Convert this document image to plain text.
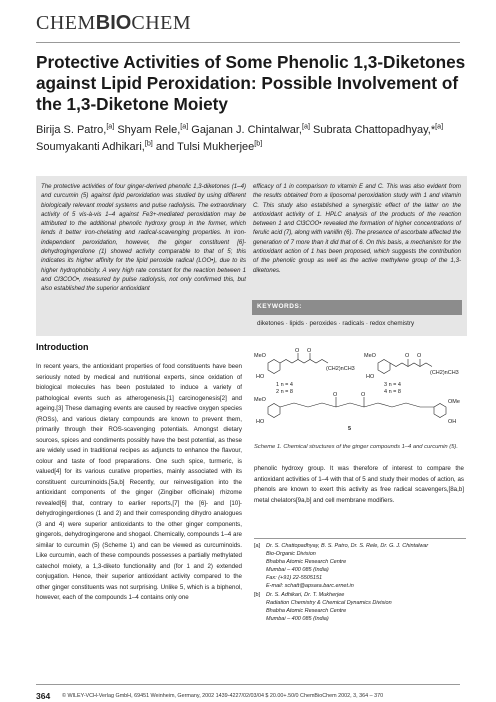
CHEMBIOCHEM
Protective Activities of Some Phenolic 1,3-Diketones against Lipid Peroxidation: Possible Involvement of the 1,3-Diketone Moiety
Birija S. Patro,[a] Shyam Rele,[a] Gajanan J. Chintalwar,[a] Subrata Chattopadhyay,*[a]
Soumyakanti Adhikari,[b] and Tulsi Mukherjee[b]
The protective activities of four ginger-derived phenolic 1,3-diketones (1–4) and curcumin (5) against lipid peroxidation was studied by using different biologically relevant model systems and pulse radiolysis. The extraordinary activity of 5 vis-à-vis 1–4 against Fe3+-mediated peroxidation may be attributed to the additional phenolic hydroxy group in the former, which lends it better iron-chelating and radical-scavenging properties. In iron-independent peroxidation, however, the ginger constituent [6]-dehydrogingerdione (1) showed activity comparable to that of 5; this indicates its higher affinity for the lipid peroxide radical (LOO•), due to its higher hydrophobicity. A very high rate constant for the reaction between 1 and Cl3COO•, measured by pulse radiolysis, not only confirmed this, but also established the superior antioxidant
efficacy of 1 in comparison to vitamin E and C. This was also evident from the results obtained from a liposomal peroxidation study with 1 and vitamin C. This study also established a synergistic effect of the latter on the antioxidant activity of 1. HPLC analysis of the products of the reaction between 1 and Cl3COO• revealed the formation of higher concentrations of ferulic acid (7), along with vanillin (6). The presence of ascorbate affected the generation of 7 more than it did that of 6. On this basis, a mechanism for the antioxidant action of 1 has been proposed, which suggests the contribution of the phenolic group as well as the active methylene group of the 1,3-diketones.
KEYWORDS:
diketones · lipids · peroxides · radicals · redox chemistry
Introduction
In recent years, the antioxidant properties of food constituents have been seriously noted by medical and nutritional experts, since oxidation of biological molecules has been postulated to induce a variety of pathological events such as atherogenesis,[1] carcinogenesis[2] and ageing.[3] These damaging events are caused by reactive oxygen species (ROSs), and various dietary compounds are known to prevent them, primarily through their ROS-scavenging potentials. Amongst dietary sources, spices and condiments possibly have the best potential, as these are widely used in traditional recipes as adjuncts to enhance the flavour, colour and taste of food preparations. One such spice, turmeric, is valued[4] for its various curative properties, mainly associated with its constituent curcuminoids.[5a,b] Recently, our reinvestigation into the antioxidant components of the ginger (Zingiber officinale) rhizome revealed[6] that, contrary to earlier reports,[7] the [6]- and [10]-dehydrogingerdiones (1 and 2) and their corresponding dihydro analogues (3 and 4) were superior antioxidants to the other ginger components, gingerols, dehydrogingerone and shogaol. Chemically, compounds 1–4 are similar to curcumin (5) (Scheme 1) and can be viewed as curcuminoids. Like curcumin, each of these compounds possesses a partially methylated catechol moiety, a 1,3-diketo functionality and (for 1 and 2) extended conjugation. Hence, their superior antioxidant activity compared to the other ginger constituents was not surprising. Unlike 5, which is a biphenol, however, each of the compounds 1–4 contains only one
MeO
HO
O O
(CH2)nCH3
1 n = 4
2 n = 8
MeO
HO
O O
(CH2)nCH3
3 n = 4
4 n = 8
MeO
HO
O	O
OMe
OH
5
Scheme 1. Chemical structures of the ginger compounds 1–4 and curcumin (5).
phenolic hydroxy group. It was therefore of interest to compare the antioxidant activities of 1–4 with that of 5 and study their modes of action, as phenols are known to exert this activity as free radical scavengers,[8a,b] metal chelators[9a,b] and cell membrane modifiers.
[a] Dr. S. Chattopadhyay, B. S. Patro, Dr. S. Rele, Dr. G. J. Chintalwar
Bio-Organic Division
Bhabha Atomic Research Centre
Mumbai – 400 085 (India)
Fax: (+91) 22-5505151
E-mail: schatt@apsara.barc.ernet.in
[b] Dr. S. Adhikari, Dr. T. Mukherjee
Radiation Chemistry & Chemical Dynamics Division
Bhabha Atomic Research Centre
Mumbai – 400 085 (India)
364 © WILEY-VCH-Verlag GmbH, 69451 Weinheim, Germany, 2002 1439-4227/02/03/04 $ 20.00+.50/0 ChemBioChem 2002, 3, 364 – 370
